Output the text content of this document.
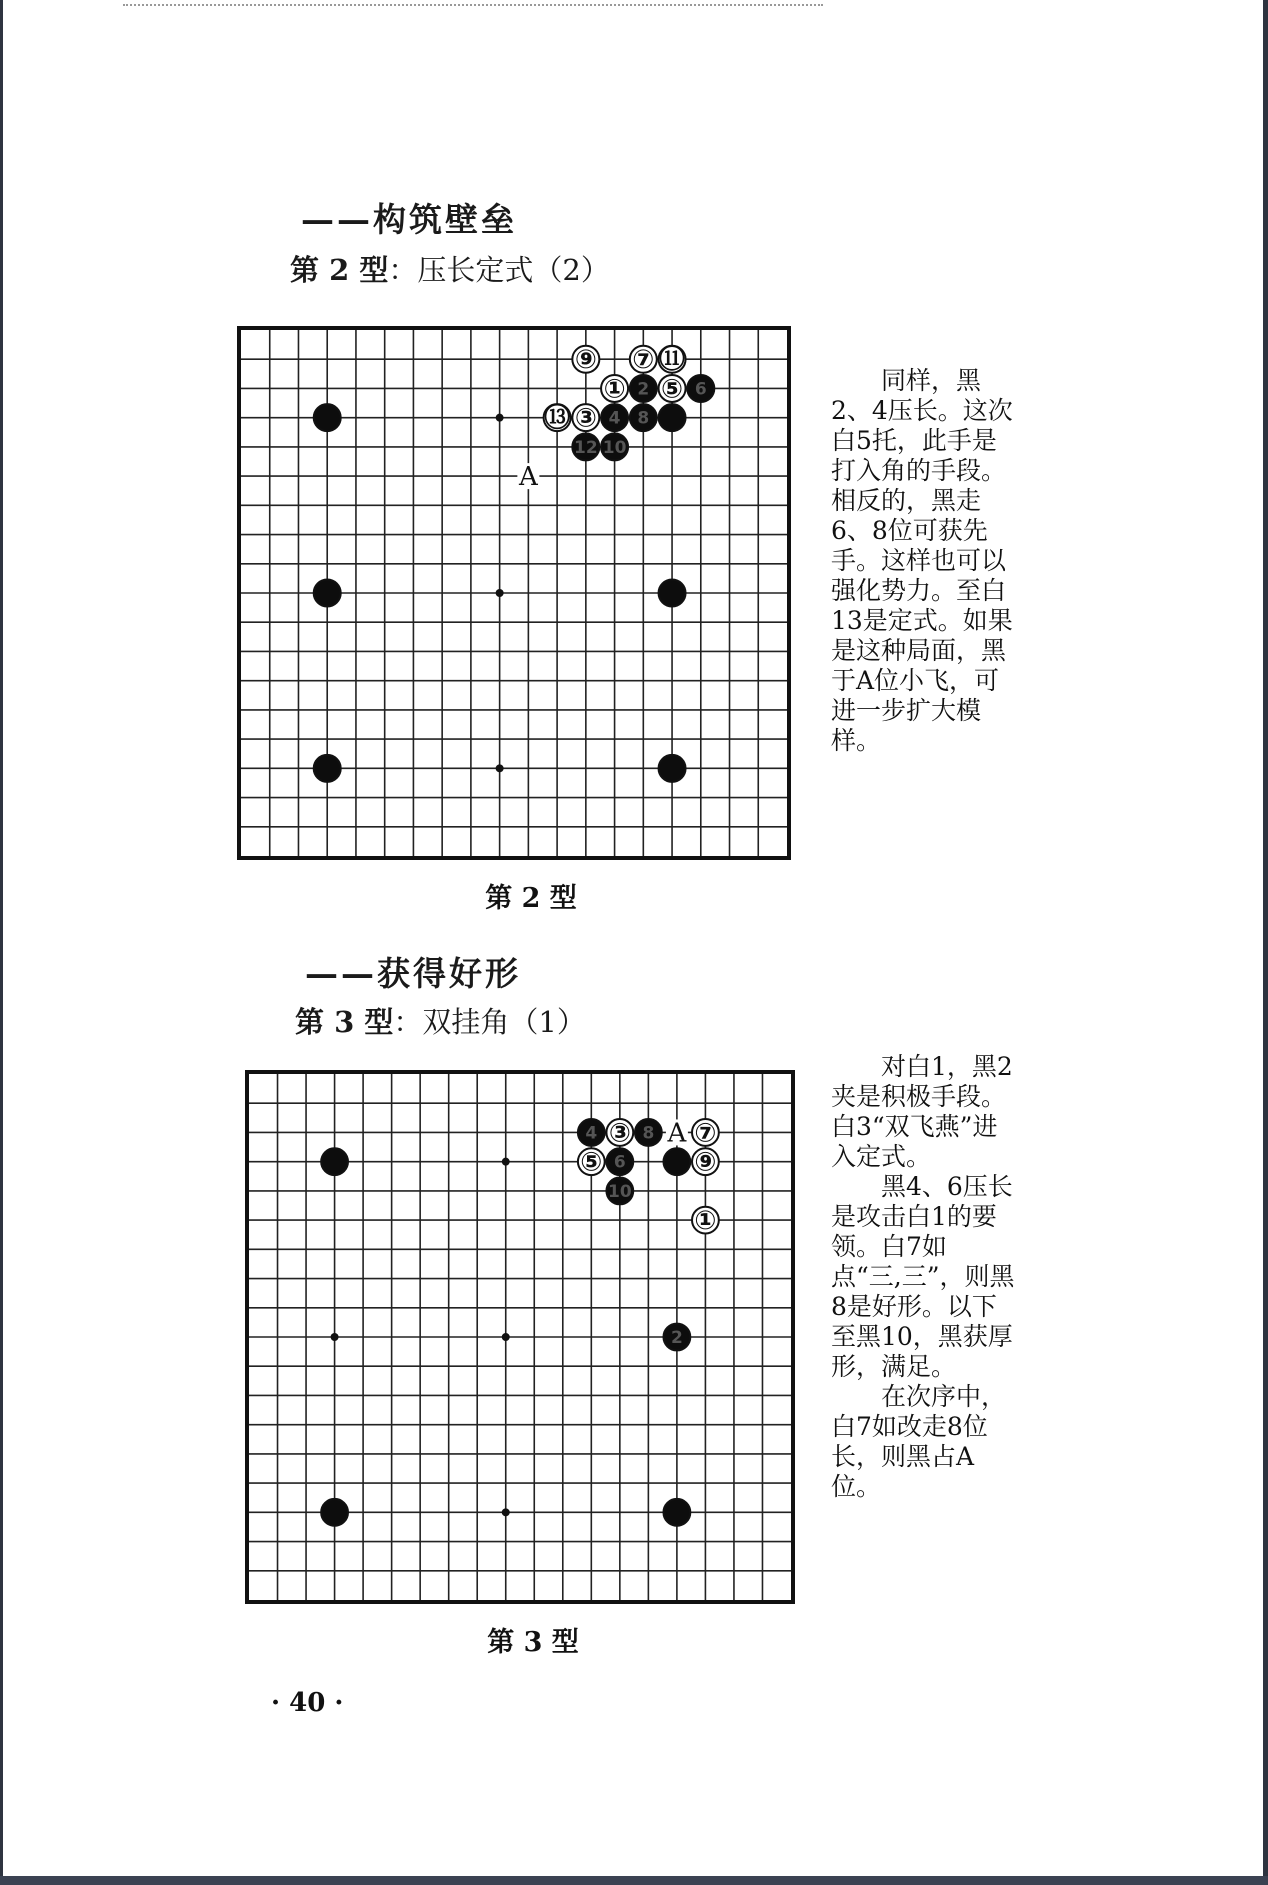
——构筑壁垒
第 2 型：压长定式（2）
⑨ ⑦ ⑪
① 2 ⑤ 6
⑬ ③ 4 8
12 10
A

同样，黑2、4压长。这次白5托，此手是打入角的手段。相反的，黑走6、8位可获先手。这样也可以强化势力。至白13是定式。如果是这种局面，黑于A位小飞，可进一步扩大模样。

第 2 型
——获得好形
第 3 型：双挂角（1）
2
4 ③ 8 ⑦
⑤ 6	⑨
10
①
A

对白1，黑2夹是积极手段。白3“双飞燕”进入定式。

黑4、6压长是攻击白1的要领。白7如点“三,三”，则黑8是好形。以下至黑10，黑获厚形，满足。

在次序中，白7如改走8位长，则黑占A位。

第 3 型
· 40 ·
